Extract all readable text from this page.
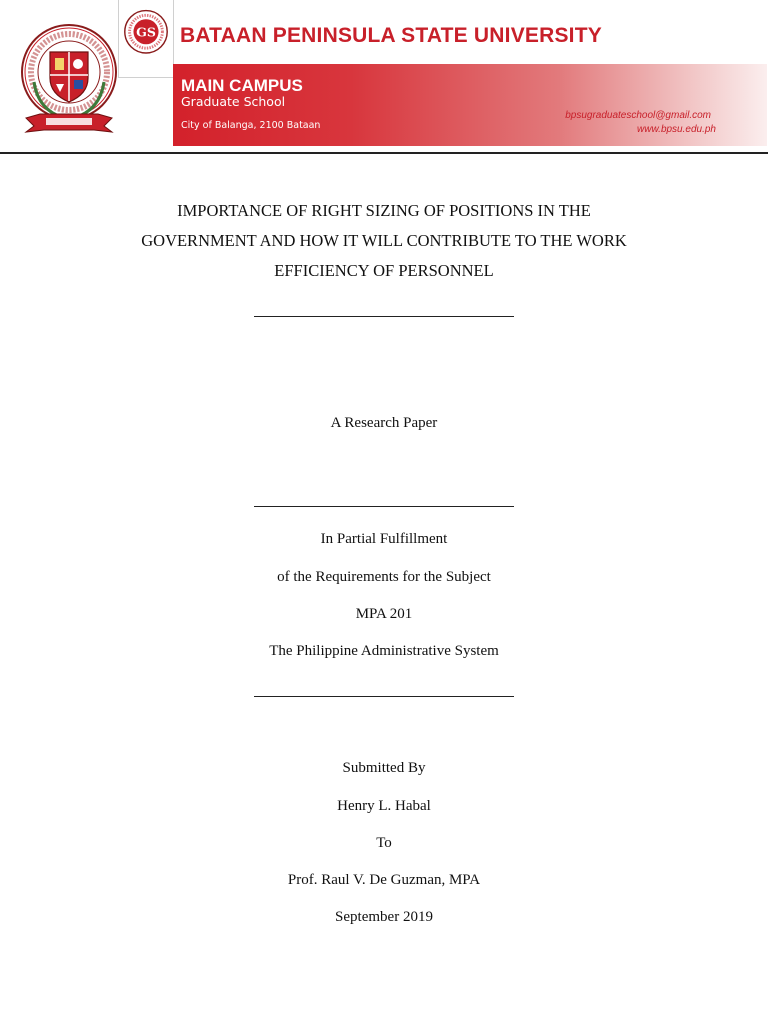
GS BATAAN PENINSULA STATE UNIVERSITY
MAIN CAMPUS
Graduate School
City of Balanga, 2100 Bataan
bpsugraduateschool@gmail.com
www.bpsu.edu.ph
IMPORTANCE OF RIGHT SIZING OF POSITIONS IN THE
GOVERNMENT AND HOW IT WILL CONTRIBUTE TO THE WORK
EFFICIENCY OF PERSONNEL
A Research Paper
In Partial Fulfillment
of the Requirements for the Subject
MPA 201
The Philippine Administrative System
Submitted By
Henry L. Habal
To
Prof. Raul V. De Guzman, MPA
September 2019
